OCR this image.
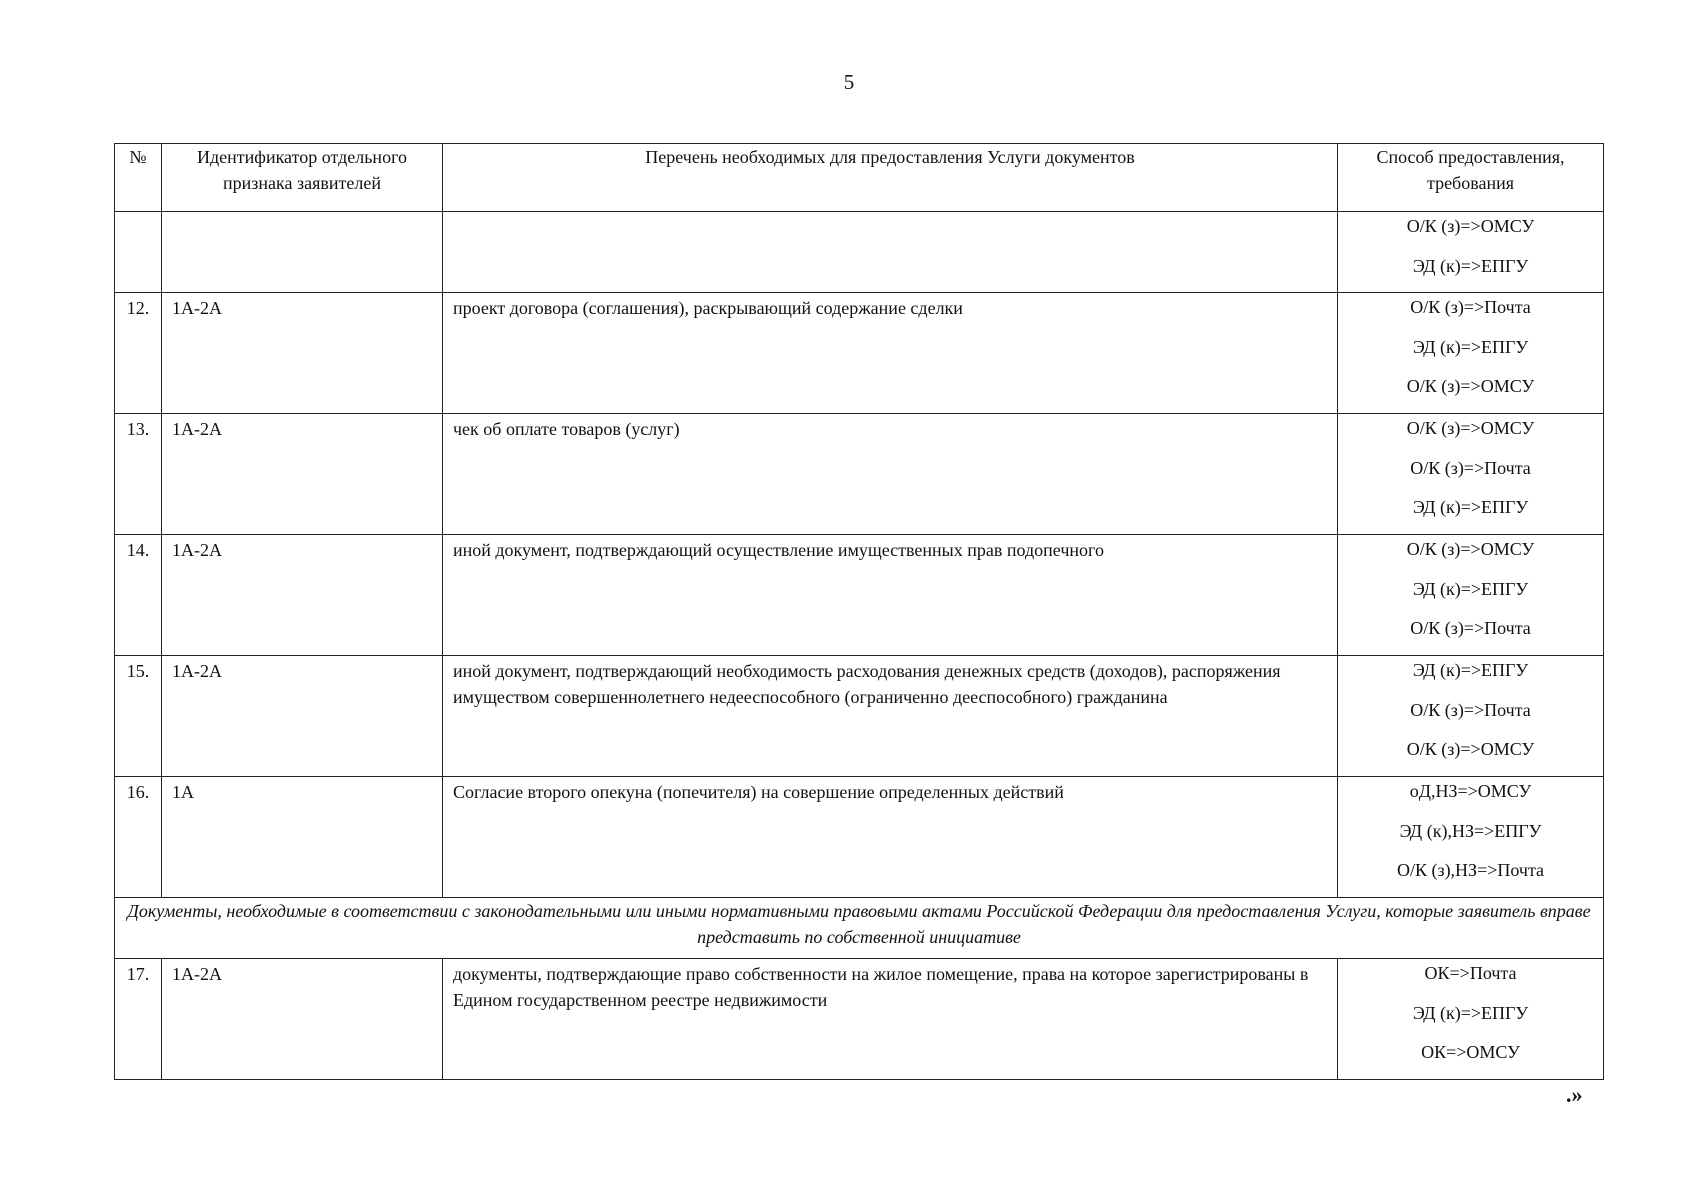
5
№	Идентификатор отдельного признака заявителей	Перечень необходимых для предоставления Услуги документов	Способ предоставления, требования

			О/К (з)=>ОМСУ
ЭД (к)=>ЕПГУ

12.	1А-2А	проект договора (соглашения), раскрывающий содержание сделки	О/К (з)=>Почта
ЭД (к)=>ЕПГУ
О/К (з)=>ОМСУ

13.	1А-2А	чек об оплате товаров (услуг)	О/К (з)=>ОМСУ
О/К (з)=>Почта
ЭД (к)=>ЕПГУ

14.	1А-2А	иной документ, подтверждающий осуществление имущественных прав подопечного	О/К (з)=>ОМСУ
ЭД (к)=>ЕПГУ
О/К (з)=>Почта

15.	1А-2А	иной документ, подтверждающий необходимость расходования денежных средств (доходов), распоряжения имуществом совершеннолетнего недееспособного (ограниченно дееспособного) гражданина	ЭД (к)=>ЕПГУ
О/К (з)=>Почта
О/К (з)=>ОМСУ

16.	1А	Согласие второго опекуна (попечителя) на совершение определенных действий	оД,НЗ=>ОМСУ
ЭД (к),НЗ=>ЕПГУ
О/К (з),НЗ=>Почта

Документы, необходимые в соответствии с законодательными или иными нормативными правовыми актами Российской Федерации для предоставления Услуги, которые заявитель вправе представить по собственной инициативе			
17.	1А-2А	документы, подтверждающие право собственности на жилое помещение, права на которое зарегистрированы в Едином государственном реестре недвижимости	ОК=>Почта
ЭД (к)=>ЕПГУ
ОК=>ОМСУ
.»
